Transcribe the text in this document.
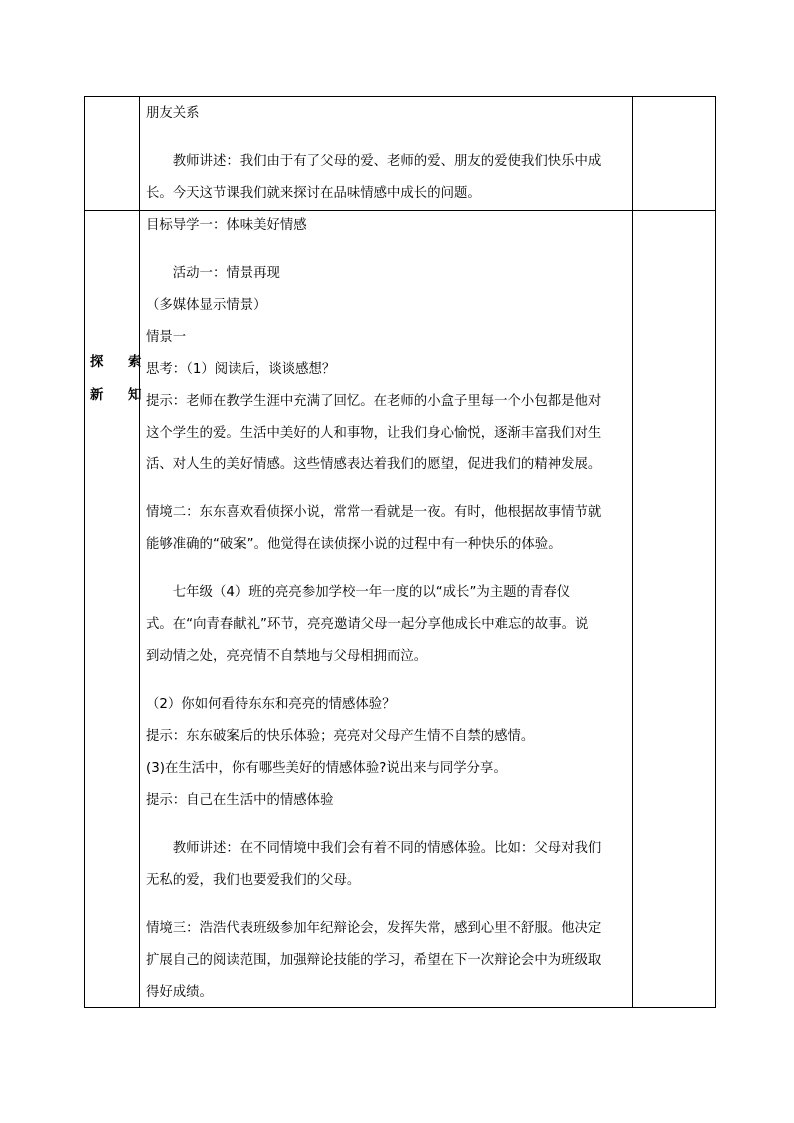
朋友关系
　　教师讲述：我们由于有了父母的爱、老师的爱、朋友的爱使我们快乐中成
长。今天这节课我们就来探讨在品味情感中成长的问题。
探 索
新 知
目标导学一：体味美好情感
　　活动一：情景再现
（多媒体显示情景）
情景一
思考：（1）阅读后，谈谈感想？
提示：老师在教学生涯中充满了回忆。在老师的小盒子里每一个小包都是他对
这个学生的爱。生活中美好的人和事物，让我们身心愉悦，逐渐丰富我们对生
活、对人生的美好情感。这些情感表达着我们的愿望，促进我们的精神发展。
情境二：东东喜欢看侦探小说，常常一看就是一夜。有时，他根据故事情节就
能够准确的“破案”。他觉得在读侦探小说的过程中有一种快乐的体验。
　　七年级（4）班的亮亮参加学校一年一度的以“成长”为主题的青春仪
式。在“向青春献礼”环节，亮亮邀请父母一起分享他成长中难忘的故事。说
到动情之处，亮亮情不自禁地与父母相拥而泣。
（2）你如何看待东东和亮亮的情感体验？
提示：东东破案后的快乐体验；亮亮对父母产生情不自禁的感情。
(3)在生活中，你有哪些美好的情感体验?说出来与同学分享。
提示：自己在生活中的情感体验
　　教师讲述：在不同情境中我们会有着不同的情感体验。比如：父母对我们
无私的爱，我们也要爱我们的父母。
情境三：浩浩代表班级参加年纪辩论会，发挥失常，感到心里不舒服。他决定
扩展自己的阅读范围，加强辩论技能的学习，希望在下一次辩论会中为班级取
得好成绩。
